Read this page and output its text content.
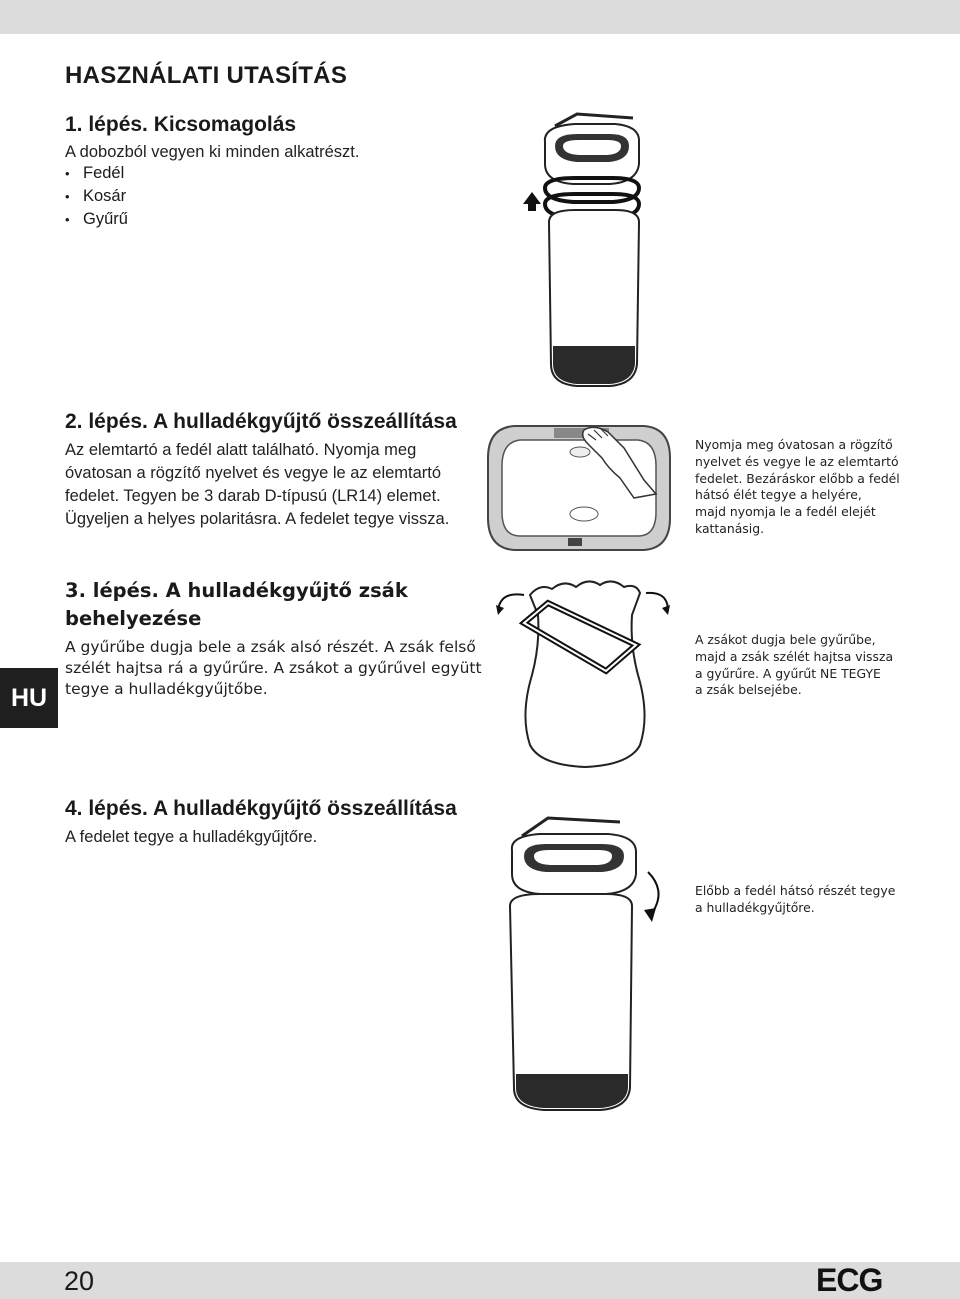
HASZNÁLATI UTASÍTÁS
1. lépés. Kicsomagolás
A dobozból vegyen ki minden alkatrészt.
• Fedél
• Kosár
• Gyűrű
2. lépés. A hulladékgyűjtő összeállítása
Az elemtartó a fedél alatt található. Nyomja meg
óvatosan a rögzítő nyelvet és vegye le az elemtartó
fedelet. Tegyen be 3 darab D-típusú (LR14) elemet.
Ügyeljen a helyes polaritásra. A fedelet tegye vissza.
Nyomja meg óvatosan a rögzítő
nyelvet és vegye le az elemtartó
fedelet. Bezáráskor előbb a fedél
hátsó élét tegye a helyére,
majd nyomja le a fedél elejét
kattanásig.
3. lépés. A hulladékgyűjtő zsák
behelyezése
A gyűrűbe dugja bele a zsák alsó részét. A zsák felső
szélét hajtsa rá a gyűrűre. A zsákot a gyűrűvel együtt
tegye a hulladékgyűjtőbe.
HU
A zsákot dugja bele gyűrűbe,
majd a zsák szélét hajtsa vissza
a gyűrűre. A gyűrűt NE TEGYE
a zsák belsejébe.
4. lépés. A hulladékgyűjtő összeállítása
A fedelet tegye a hulladékgyűjtőre.
Előbb a fedél hátsó részét tegye
a hulladékgyűjtőre.
20	ECG
